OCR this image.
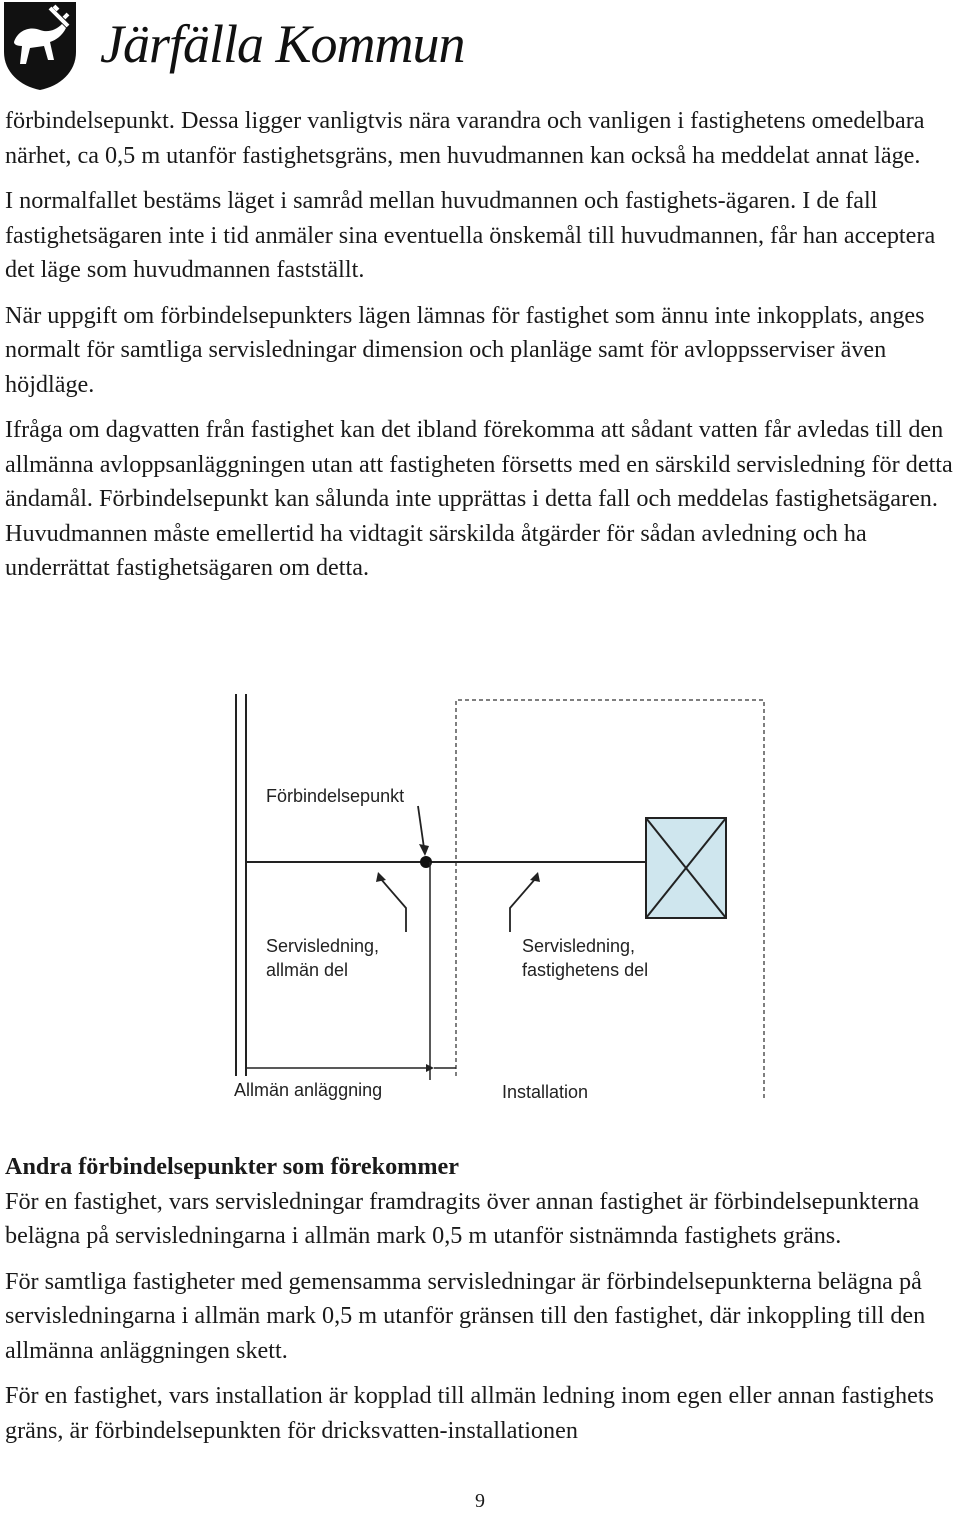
Järfälla Kommun

förbindelsepunkt. Dessa ligger vanligtvis nära varandra och vanligen i fastighetens omedelbara närhet, ca 0,5 m utanför fastighetsgräns, men huvudmannen kan också ha meddelat annat läge.

I normalfallet bestäms läget i samråd mellan huvudmannen och fastighets-ägaren. I de fall fastighetsägaren inte i tid anmäler sina eventuella önskemål till huvudmannen, får han acceptera det läge som huvudmannen fastställt.

När uppgift om förbindelsepunkters lägen lämnas för fastighet som ännu inte inkopplats, anges normalt för samtliga servisledningar dimension och planläge samt för avloppsserviser även höjdläge.

Ifråga om dagvatten från fastighet kan det ibland förekomma att sådant vatten får avledas till den allmänna avloppsanläggningen utan att fastigheten försetts med en särskild servisledning för detta ändamål. Förbindelsepunkt kan sålunda inte upprättas i detta fall och meddelas fastighetsägaren. Huvudmannen måste emellertid ha vidtagit särskilda åtgärder för sådan avledning och ha underrättat fastighetsägaren om detta.

Förbindelsepunkt
Servisledning,
allmän del
Servisledning,
fastighetens del
Allmän anläggning	Installation
Andra förbindelsepunkter som förekommer

För en fastighet, vars servisledningar framdragits över annan fastighet är förbindelsepunkterna belägna på servisledningarna i allmän mark 0,5 m utanför sistnämnda fastighets gräns.

För samtliga fastigheter med gemensamma servisledningar är förbindelsepunkterna belägna på servisledningarna i allmän mark 0,5 m utanför gränsen till den fastighet, där inkoppling till den allmänna anläggningen skett.

För en fastighet, vars installation är kopplad till allmän ledning inom egen eller annan fastighets gräns, är förbindelsepunkten för dricksvatten-installationen

9
